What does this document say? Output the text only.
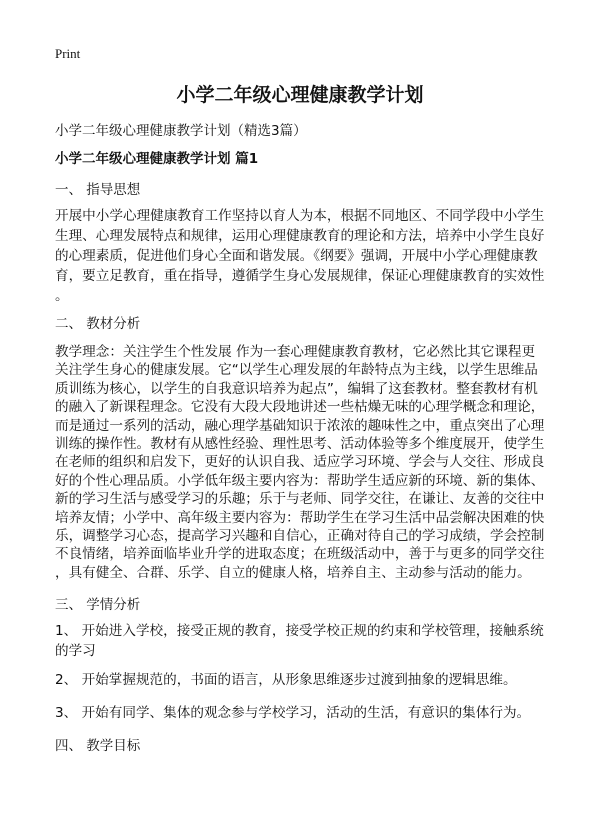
Print
小学二年级心理健康教学计划
小学二年级心理健康教学计划（精选3篇）
小学二年级心理健康教学计划 篇1
一、 指导思想
开展中小学心理健康教育工作坚持以育人为本，根据不同地区、不同学段中小学生
生理、心理发展特点和规律，运用心理健康教育的理论和方法，培养中小学生良好
的心理素质，促进他们身心全面和谐发展。《纲要》强调，开展中小学心理健康教
育，要立足教育，重在指导，遵循学生身心发展规律，保证心理健康教育的实效性
。
二、 教材分析
教学理念：关注学生个性发展 作为一套心理健康教育教材，它必然比其它课程更
关注学生身心的健康发展。它“以学生心理发展的年龄特点为主线，以学生思维品
质训练为核心，以学生的自我意识培养为起点”，编辑了这套教材。整套教材有机
的融入了新课程理念。它没有大段大段地讲述一些枯燥无味的心理学概念和理论，
而是通过一系列的活动，融心理学基础知识于浓浓的趣味性之中，重点突出了心理
训练的操作性。教材有从感性经验、理性思考、活动体验等多个维度展开，使学生
在老师的组织和启发下，更好的认识自我、适应学习环境、学会与人交往、形成良
好的个性心理品质。小学低年级主要内容为：帮助学生适应新的环境、新的集体、
新的学习生活与感受学习的乐趣；乐于与老师、同学交往，在谦让、友善的交往中
培养友情；小学中、高年级主要内容为：帮助学生在学习生活中品尝解决困难的快
乐，调整学习心态，提高学习兴趣和自信心，正确对待自己的学习成绩，学会控制
不良情绪，培养面临毕业升学的进取态度；在班级活动中，善于与更多的同学交往
，具有健全、合群、乐学、自立的健康人格，培养自主、主动参与活动的能力。
三、 学情分析
1、 开始进入学校，接受正规的教育，接受学校正规的约束和学校管理，接触系统
的学习
2、 开始掌握规范的，书面的语言，从形象思维逐步过渡到抽象的逻辑思维。
3、 开始有同学、集体的观念参与学校学习，活动的生活，有意识的集体行为。
四、 教学目标
